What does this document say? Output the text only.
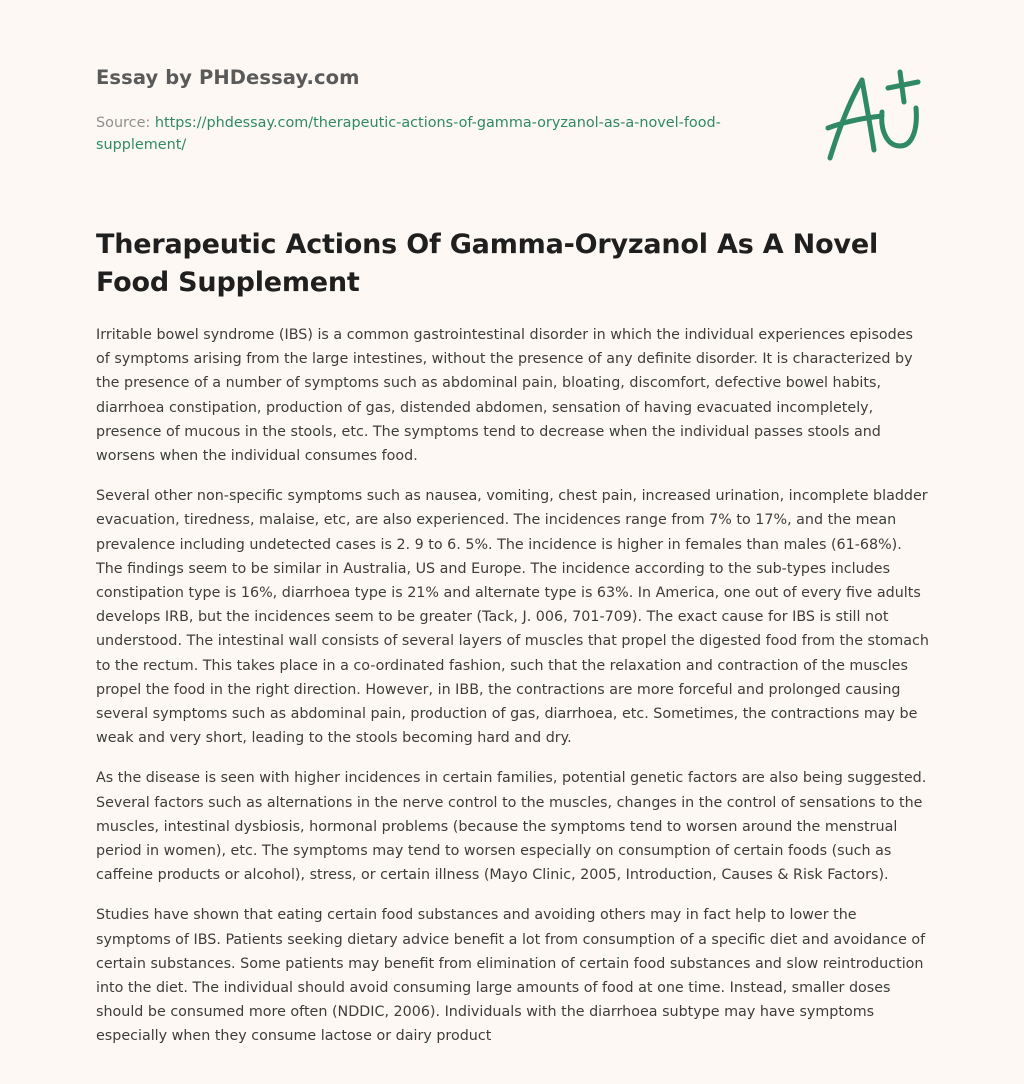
Essay by PHDessay.com
Source: https://phdessay.com/therapeutic-actions-of-gamma-oryzanol-as-a-novel-food-supplement/
Therapeutic Actions Of Gamma-Oryzanol As A Novel Food Supplement

Irritable bowel syndrome (IBS) is a common gastrointestinal disorder in which the individual experiences episodes of symptoms arising from the large intestines, without the presence of any definite disorder. It is characterized by the presence of a number of symptoms such as abdominal pain, bloating, discomfort, defective bowel habits, diarrhoea constipation, production of gas, distended abdomen, sensation of having evacuated incompletely, presence of mucous in the stools, etc. The symptoms tend to decrease when the individual passes stools and worsens when the individual consumes food.

Several other non-specific symptoms such as nausea, vomiting, chest pain, increased urination, incomplete bladder evacuation, tiredness, malaise, etc, are also experienced. The incidences range from 7% to 17%, and the mean prevalence including undetected cases is 2. 9 to 6. 5%. The incidence is higher in females than males (61-68%). The findings seem to be similar in Australia, US and Europe. The incidence according to the sub-types includes constipation type is 16%, diarrhoea type is 21% and alternate type is 63%. In America, one out of every five adults develops IRB, but the incidences seem to be greater (Tack, J. 006, 701-709). The exact cause for IBS is still not understood. The intestinal wall consists of several layers of muscles that propel the digested food from the stomach to the rectum. This takes place in a co-ordinated fashion, such that the relaxation and contraction of the muscles propel the food in the right direction. However, in IBB, the contractions are more forceful and prolonged causing several symptoms such as abdominal pain, production of gas, diarrhoea, etc. Sometimes, the contractions may be weak and very short, leading to the stools becoming hard and dry.

As the disease is seen with higher incidences in certain families, potential genetic factors are also being suggested. Several factors such as alternations in the nerve control to the muscles, changes in the control of sensations to the muscles, intestinal dysbiosis, hormonal problems (because the symptoms tend to worsen around the menstrual period in women), etc. The symptoms may tend to worsen especially on consumption of certain foods (such as caffeine products or alcohol), stress, or certain illness (Mayo Clinic, 2005, Introduction, Causes & Risk Factors).

Studies have shown that eating certain food substances and avoiding others may in fact help to lower the symptoms of IBS. Patients seeking dietary advice benefit a lot from consumption of a specific diet and avoidance of certain substances. Some patients may benefit from elimination of certain food substances and slow reintroduction into the diet. The individual should avoid consuming large amounts of food at one time. Instead, smaller doses should be consumed more often (NDDIC, 2006). Individuals with the diarrhoea subtype may have symptoms especially when they consume lactose or dairy product
